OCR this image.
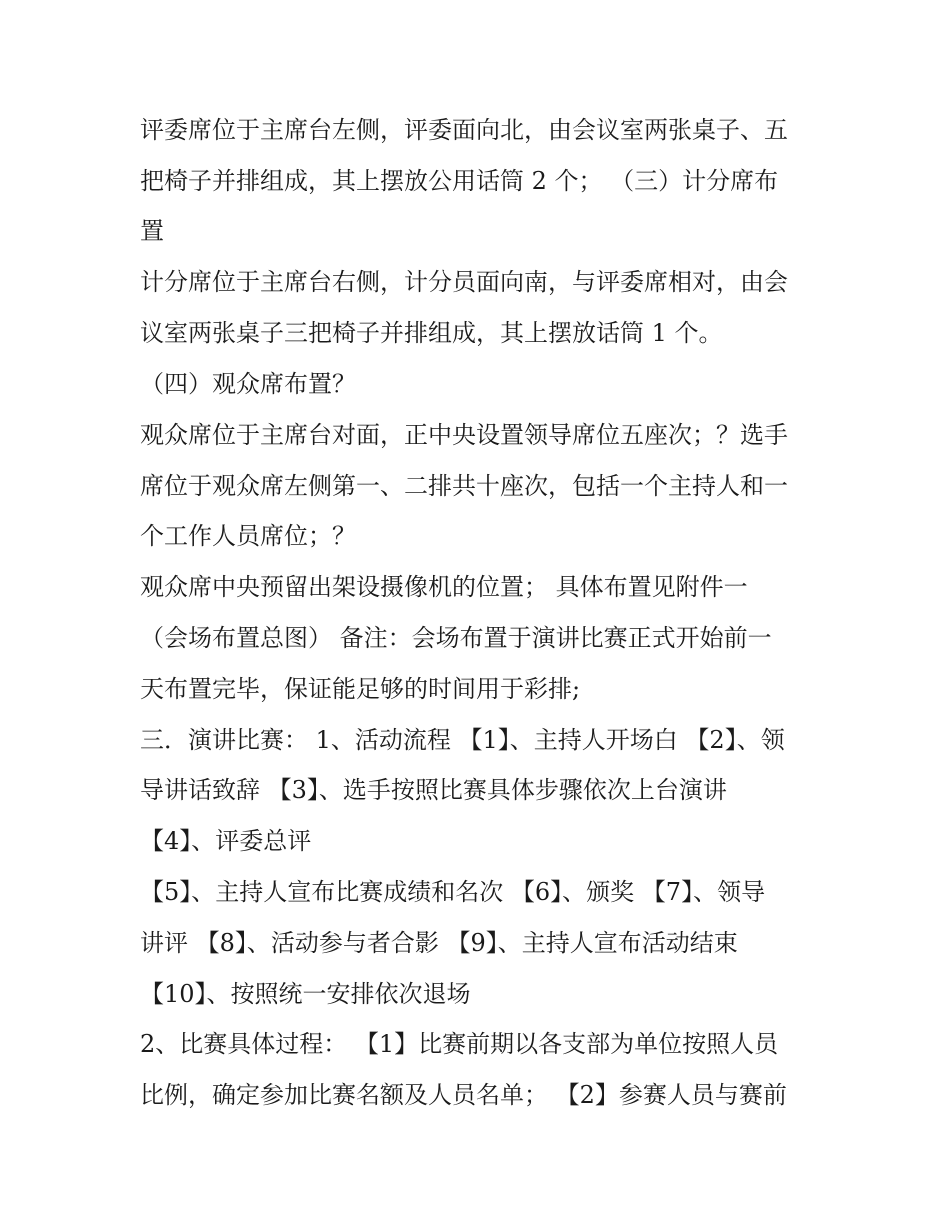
评委席位于主席台左侧，评委面向北，由会议室两张桌子、五

把椅子并排组成，其上摆放公用话筒 2 个； （三）计分席布

置

计分席位于主席台右侧，计分员面向南，与评委席相对，由会

议室两张桌子三把椅子并排组成，其上摆放话筒 1 个。

（四）观众席布置？

观众席位于主席台对面，正中央设置领导席位五座次；？选手

席位于观众席左侧第一、二排共十座次，包括一个主持人和一

个工作人员席位；？

观众席中央预留出架设摄像机的位置； 具体布置见附件一

（会场布置总图） 备注：会场布置于演讲比赛正式开始前一

天布置完毕，保证能足够的时间用于彩排;

三．演讲比赛： 1、活动流程 【1】、主持人开场白 【2】、领

导讲话致辞 【3】、选手按照比赛具体步骤依次上台演讲

【4】、评委总评

【5】、主持人宣布比赛成绩和名次 【6】、颁奖 【7】、领导

讲评 【8】、活动参与者合影 【9】、主持人宣布活动结束

【10】、按照统一安排依次退场

2、比赛具体过程： 【1】比赛前期以各支部为单位按照人员

比例，确定参加比赛名额及人员名单； 【2】参赛人员与赛前
